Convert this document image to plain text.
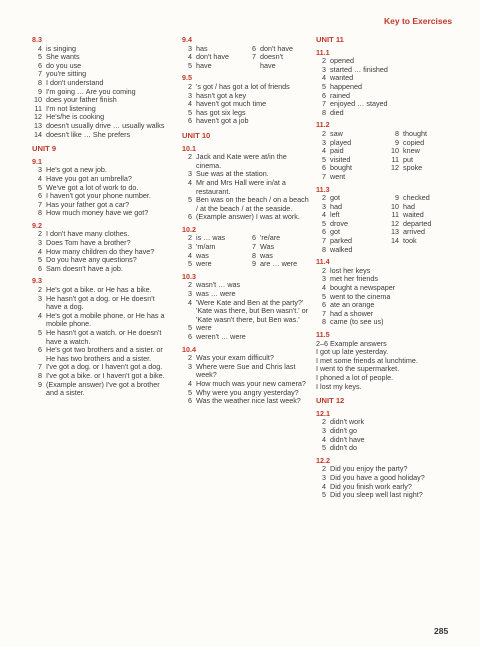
Key to Exercises
8.3
4 is singing
5 She wants
6 do you use
7 you're sitting
8 I don't understand
9 I'm going … Are you coming
10 does your father finish
11 I'm not listening
12 He's/he is cooking
13 doesn't usually drive … usually walks
14 doesn't like … She prefers
UNIT 9
9.1
3 He's got a new job.
4 Have you got an umbrella?
5 We've got a lot of work to do.
6 I haven't got your phone number.
7 Has your father got a car?
8 How much money have we got?
9.2
2 I don't have many clothes.
3 Does Tom have a brother?
4 How many children do they have?
5 Do you have any questions?
6 Sam doesn't have a job.
9.3
2 He's got a bike. or He has a bike.
3 He hasn't got a dog. or He doesn't have a dog.
4 He's got a mobile phone. or He has a mobile phone.
5 He hasn't got a watch. or He doesn't have a watch.
6 He's got two brothers and a sister. or He has two brothers and a sister.
7 I've got a dog. or I haven't got a dog.
8 I've got a bike. or I haven't got a bike.
9 (Example answer) I've got a brother and a sister.
9.4
3 has	6 don't have
4 don't have	7 doesn't
5 have	have
9.5
2 's got / has got a lot of friends
3 hasn't got a key
4 haven't got much time
5 has got six legs
6 haven't got a job
UNIT 10
10.1
2 Jack and Kate were at/in the cinema.
3 Sue was at the station.
4 Mr and Mrs Hall were in/at a restaurant.
5 Ben was on the beach / on a beach / at the beach / at the seaside.
6 (Example answer) I was at work.
10.2
2 is … was	6 're/are
3 'm/am	7 Was
4 was	8 was
5 were	9 are … were
10.3
2 wasn't … was
3 was … were
4 'Were Kate and Ben at the party?' 'Kate was there, but Ben wasn't.' or 'Kate wasn't there, but Ben was.'
5 were
6 weren't … were
10.4
2 Was your exam difficult?
3 Where were Sue and Chris last week?
4 How much was your new camera?
5 Why were you angry yesterday?
6 Was the weather nice last week?
UNIT 11
11.1
2 opened
3 started … finished
4 wanted
5 happened
6 rained
7 enjoyed … stayed
8 died
11.2
2 saw	8 thought
3 played	9 copied
4 paid	10 knew
5 visited	11 put
6 bought	12 spoke
7 went
11.3
2 got	9 checked
3 had	10 had
4 left	11 waited
5 drove	12 departed
6 got	13 arrived
7 parked	14 took
8 walked
11.4
2 lost her keys
3 met her friends
4 bought a newspaper
5 went to the cinema
6 ate an orange
7 had a shower
8 came (to see us)
11.5
2–6 Example answers
I got up late yesterday.
I met some friends at lunchtime.
I went to the supermarket.
I phoned a lot of people.
I lost my keys.
UNIT 12
12.1
2 didn't work
3 didn't go
4 didn't have
5 didn't do
12.2
2 Did you enjoy the party?
3 Did you have a good holiday?
4 Did you finish work early?
5 Did you sleep well last night?
285
